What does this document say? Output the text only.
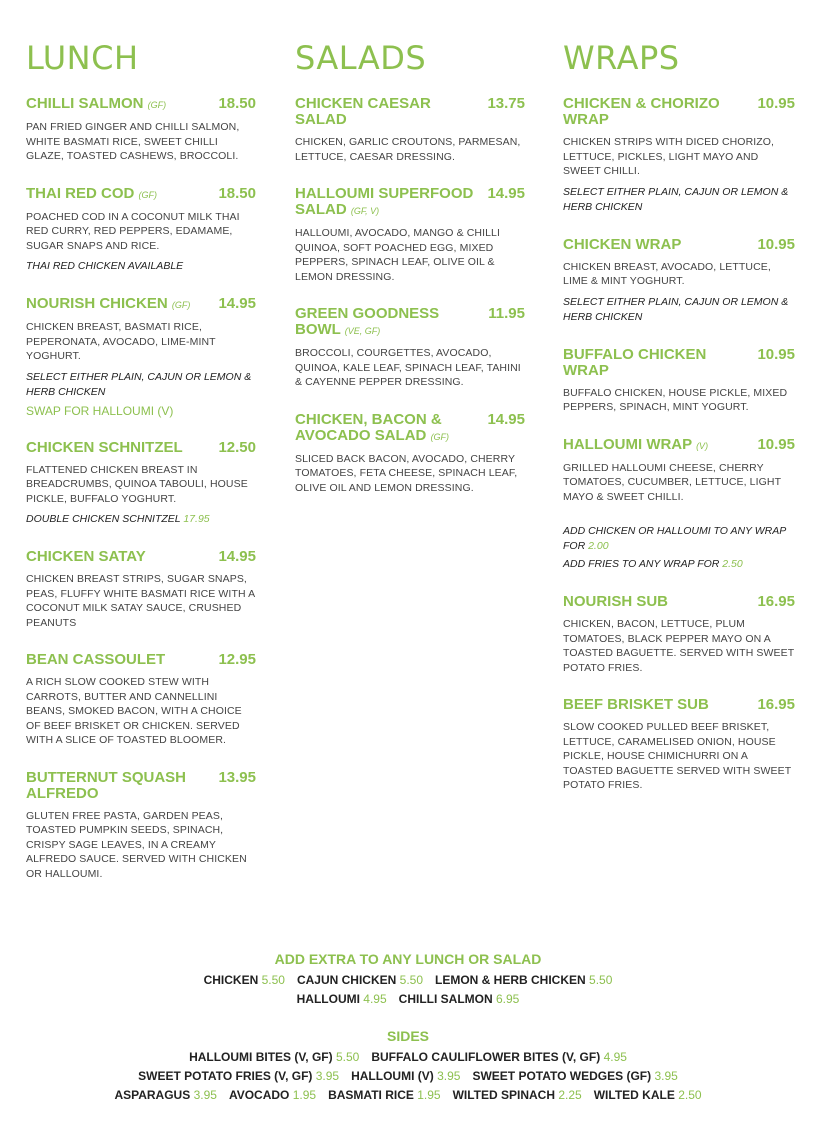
LUNCH
CHILLI SALMON (GF)	18.50
PAN FRIED GINGER AND CHILLI SALMON, WHITE BASMATI RICE, SWEET CHILLI GLAZE, TOASTED CASHEWS, BROCCOLI.
THAI RED COD (GF)	18.50
POACHED COD IN A COCONUT MILK THAI RED CURRY, RED PEPPERS, EDAMAME, SUGAR SNAPS AND RICE.
THAI RED CHICKEN AVAILABLE
NOURISH CHICKEN (GF)	14.95
CHICKEN BREAST, BASMATI RICE, PEPERONATA, AVOCADO, LIME-MINT YOGHURT.
SELECT EITHER PLAIN, CAJUN OR LEMON & HERB CHICKEN
SWAP FOR HALLOUMI (V)
CHICKEN SCHNITZEL	12.50
FLATTENED CHICKEN BREAST IN BREADCRUMBS, QUINOA TABOULI, HOUSE PICKLE, BUFFALO YOGHURT.
DOUBLE CHICKEN SCHNITZEL 17.95
CHICKEN SATAY	14.95
CHICKEN BREAST STRIPS, SUGAR SNAPS, PEAS, FLUFFY WHITE BASMATI RICE WITH A COCONUT MILK SATAY SAUCE, CRUSHED PEANUTS
BEAN CASSOULET	12.95
A RICH SLOW COOKED STEW WITH CARROTS, BUTTER AND CANNELLINI BEANS, SMOKED BACON, WITH A CHOICE OF BEEF BRISKET OR CHICKEN. SERVED WITH A SLICE OF TOASTED BLOOMER.
BUTTERNUT SQUASH ALFREDO
13.95
GLUTEN FREE PASTA, GARDEN PEAS, TOASTED PUMPKIN SEEDS, SPINACH, CRISPY SAGE LEAVES, IN A CREAMY ALFREDO SAUCE. SERVED WITH CHICKEN OR HALLOUMI.
SALADS
CHICKEN CAESAR SALAD
13.75
CHICKEN, GARLIC CROUTONS, PARMESAN, LETTUCE, CAESAR DRESSING.
HALLOUMI SUPERFOOD SALAD (GF, V)
14.95
HALLOUMI, AVOCADO, MANGO & CHILLI QUINOA, SOFT POACHED EGG, MIXED PEPPERS, SPINACH LEAF, OLIVE OIL & LEMON DRESSING.
GREEN GOODNESS BOWL (VE, GF)
11.95
BROCCOLI, COURGETTES, AVOCADO, QUINOA, KALE LEAF, SPINACH LEAF, TAHINI & CAYENNE PEPPER DRESSING.
CHICKEN, BACON & AVOCADO SALAD (GF)
14.95
SLICED BACK BACON, AVOCADO, CHERRY TOMATOES, FETA CHEESE, SPINACH LEAF, OLIVE OIL AND LEMON DRESSING.
WRAPS
CHICKEN & CHORIZO WRAP
10.95
CHICKEN STRIPS WITH DICED CHORIZO, LETTUCE, PICKLES, LIGHT MAYO AND SWEET CHILLI.
SELECT EITHER PLAIN, CAJUN OR LEMON & HERB CHICKEN
CHICKEN WRAP	10.95
CHICKEN BREAST, AVOCADO, LETTUCE, LIME & MINT YOGHURT.
SELECT EITHER PLAIN, CAJUN OR LEMON & HERB CHICKEN
BUFFALO CHICKEN WRAP
10.95
BUFFALO CHICKEN, HOUSE PICKLE, MIXED PEPPERS, SPINACH, MINT YOGURT.
HALLOUMI WRAP (V)	10.95
GRILLED HALLOUMI CHEESE, CHERRY TOMATOES, CUCUMBER, LETTUCE, LIGHT MAYO & SWEET CHILLI.
ADD CHICKEN OR HALLOUMI TO ANY WRAP FOR 2.00
ADD FRIES TO ANY WRAP FOR 2.50
NOURISH SUB	16.95
CHICKEN, BACON, LETTUCE, PLUM TOMATOES, BLACK PEPPER MAYO ON A TOASTED BAGUETTE. SERVED WITH SWEET POTATO FRIES.
BEEF BRISKET SUB	16.95
SLOW COOKED PULLED BEEF BRISKET, LETTUCE, CARAMELISED ONION, HOUSE PICKLE, HOUSE CHIMICHURRI ON A TOASTED BAGUETTE SERVED WITH SWEET POTATO FRIES.
ADD EXTRA TO ANY LUNCH OR SALAD
CHICKEN 5.50 CAJUN CHICKEN 5.50 LEMON & HERB CHICKEN 5.50
HALLOUMI 4.95 CHILLI SALMON 6.95
SIDES
HALLOUMI BITES (V, GF) 5.50 BUFFALO CAULIFLOWER BITES (V, GF) 4.95
SWEET POTATO FRIES (V, GF) 3.95 HALLOUMI (V) 3.95 SWEET POTATO WEDGES (GF) 3.95
ASPARAGUS 3.95 AVOCADO 1.95 BASMATI RICE 1.95 WILTED SPINACH 2.25 WILTED KALE 2.50
